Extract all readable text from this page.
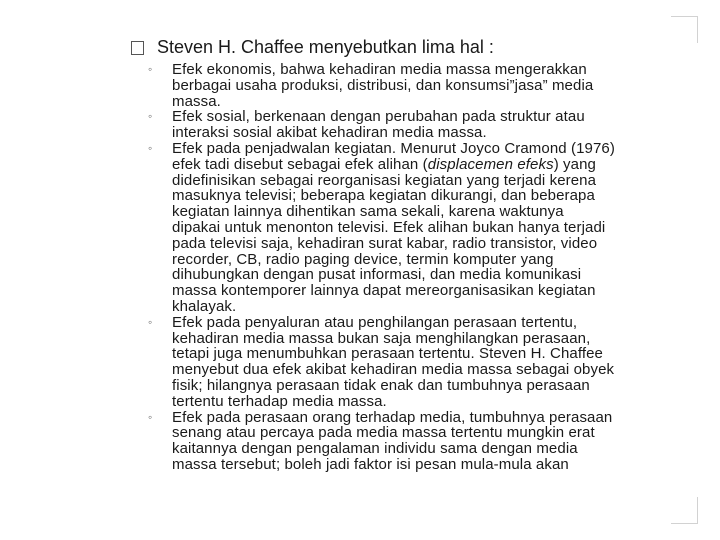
Steven H. Chaffee menyebutkan lima hal :
◦	Efek ekonomis, bahwa kehadiran media massa mengerakkan
berbagai usaha produksi, distribusi, dan konsumsi”jasa” media
massa.
◦	Efek sosial, berkenaan dengan perubahan pada struktur atau
interaksi sosial akibat kehadiran media massa.
◦	Efek pada penjadwalan kegiatan. Menurut Joyco Cramond (1976)
efek tadi disebut sebagai efek alihan (displacemen efeks) yang
didefinisikan sebagai reorganisasi kegiatan yang terjadi kerena
masuknya televisi; beberapa kegiatan dikurangi, dan beberapa
kegiatan lainnya dihentikan sama sekali, karena waktunya
dipakai untuk menonton televisi. Efek alihan bukan hanya terjadi
pada televisi saja, kehadiran surat kabar, radio transistor, video
recorder, CB, radio paging device, termin komputer yang
dihubungkan dengan pusat informasi, dan media komunikasi
massa kontemporer lainnya dapat mereorganisasikan kegiatan
khalayak.
◦	Efek pada penyaluran atau penghilangan perasaan tertentu,
kehadiran media massa bukan saja menghilangkan perasaan,
tetapi juga menumbuhkan perasaan tertentu. Steven H. Chaffee
menyebut dua efek akibat kehadiran media massa sebagai obyek
fisik; hilangnya perasaan tidak enak dan tumbuhnya perasaan
tertentu terhadap media massa.
◦	Efek pada perasaan orang terhadap media, tumbuhnya perasaan
senang atau percaya pada media massa tertentu mungkin erat
kaitannya dengan pengalaman individu sama dengan media
massa tersebut; boleh jadi faktor isi pesan mula-mula akan
